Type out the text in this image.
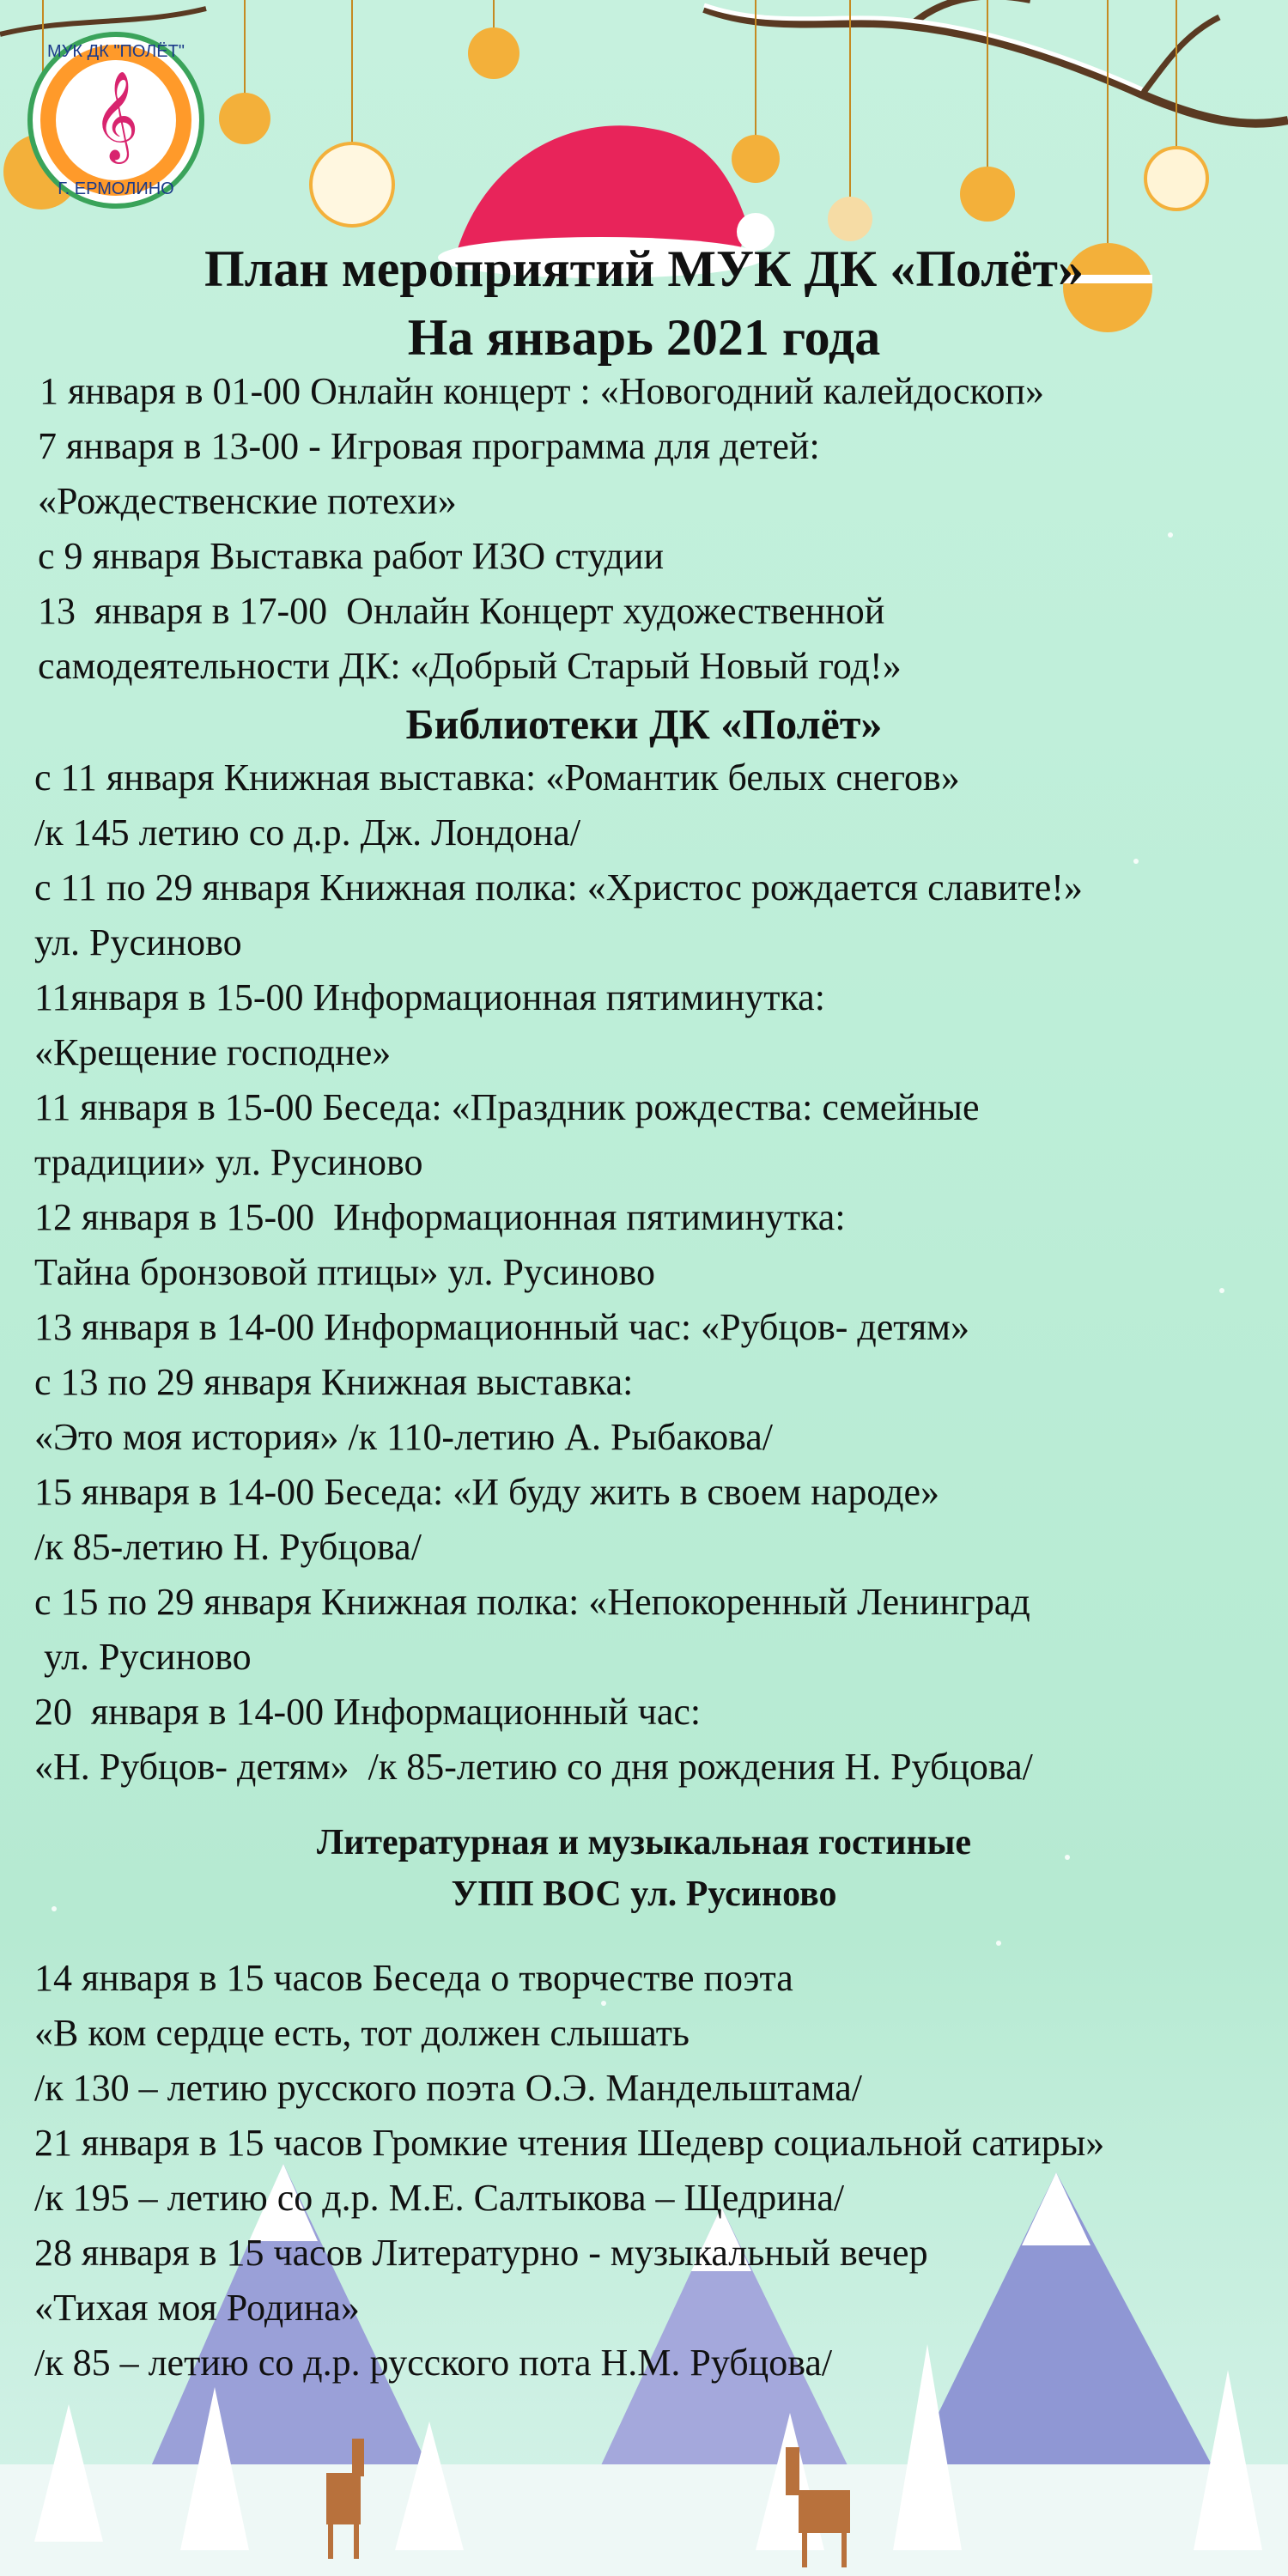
𝄞
МУК ДК "ПОЛЁТ"
Г. ЕРМОЛИНО
План мероприятий МУК ДК «Полёт»
На январь 2021 года
1 января в 01-00 Онлайн концерт : «Новогодний калейдоскоп»
7 января в 13-00 - Игровая программа для детей:
«Рождественские потехи»
с 9 января Выставка работ ИЗО студии
13  января в 17-00  Онлайн Концерт художественной
самодеятельности ДК: «Добрый Старый Новый год!»
Библиотеки ДК «Полёт»
с 11 января Книжная выставка: «Романтик белых снегов»
/к 145 летию со д.р. Дж. Лондона/
с 11 по 29 января Книжная полка: «Христос рождается славите!»
ул. Русиново
11января в 15-00 Информационная пятиминутка:
«Крещение господне»
11 января в 15-00 Беседа: «Праздник рождества: семейные
традиции» ул. Русиново
12 января в 15-00  Информационная пятиминутка:
Тайна бронзовой птицы» ул. Русиново
13 января в 14-00 Информационный час: «Рубцов- детям»
с 13 по 29 января Книжная выставка:
«Это моя история» /к 110-летию А. Рыбакова/
15 января в 14-00 Беседа: «И буду жить в своем народе»
/к 85-летию Н. Рубцова/
с 15 по 29 января Книжная полка: «Непокоренный Ленинград
ул. Русиново
20  января в 14-00 Информационный час:
«Н. Рубцов- детям»  /к 85-летию со дня рождения Н. Рубцова/
Литературная и музыкальная гостиные
УПП ВОС ул. Русиново
14 января в 15 часов Беседа о творчестве поэта
«В ком сердце есть, тот должен слышать
/к 130 – летию русского поэта О.Э. Мандельштама/
21 января в 15 часов Громкие чтения Шедевр социальной сатиры»
/к 195 – летию со д.р. М.Е. Салтыкова – Щедрина/
28 января в 15 часов Литературно - музыкальный вечер
«Тихая моя Родина»
/к 85 – летию со д.р. русского пота Н.М. Рубцова/
